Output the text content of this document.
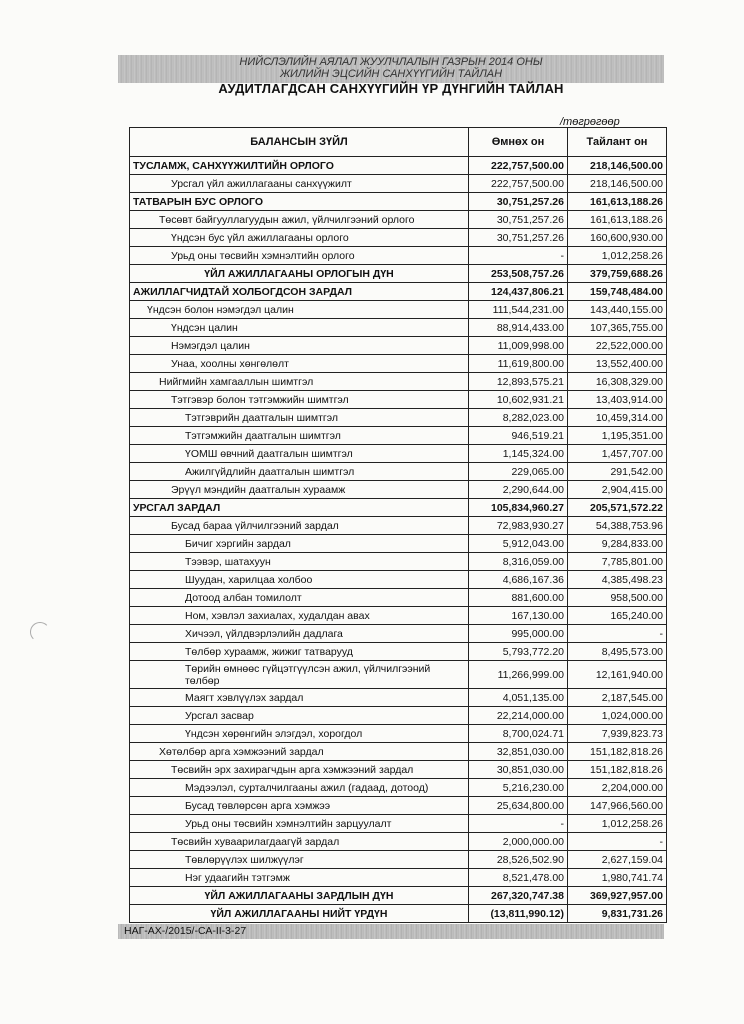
НИЙСЛЭЛИЙН АЯЛАЛ ЖУУЛЧЛАЛЫН ГАЗРЫН 2014 ОНЫ
ЖИЛИЙН ЭЦСИЙН САНХҮҮГИЙН ТАЙЛАН
АУДИТЛАГДСАН САНХҮҮГИЙН ҮР ДҮНГИЙН ТАЙЛАН
/төгрөгөөр
БАЛАНСЫН ЗҮЙЛ	Өмнөх он	Тайлант он
ТУСЛАМЖ, САНХҮҮЖИЛТИЙН ОРЛОГО	222,757,500.00	218,146,500.00
Урсгал үйл ажиллагааны санхүүжилт	222,757,500.00	218,146,500.00
ТАТВАРЫН БУС ОРЛОГО	30,751,257.26	161,613,188.26
Төсөвт байгууллагуудын ажил, үйлчилгээний орлого	30,751,257.26	161,613,188.26
Үндсэн бус үйл ажиллагааны орлого	30,751,257.26	160,600,930.00
Урьд оны төсвийн хэмнэлтийн орлого	-	1,012,258.26
ҮЙЛ АЖИЛЛАГААНЫ ОРЛОГЫН ДҮН	253,508,757.26	379,759,688.26
АЖИЛЛАГЧИДТАЙ ХОЛБОГДСОН ЗАРДАЛ	124,437,806.21	159,748,484.00
Үндсэн болон нэмэгдэл цалин	111,544,231.00	143,440,155.00
Үндсэн цалин	88,914,433.00	107,365,755.00
Нэмэгдэл цалин	11,009,998.00	22,522,000.00
Унаа, хоолны хөнгөлөлт	11,619,800.00	13,552,400.00
Нийгмийн хамгааллын шимтгэл	12,893,575.21	16,308,329.00
Тэтгэвэр болон тэтгэмжийн шимтгэл	10,602,931.21	13,403,914.00
Тэтгэврийн даатгалын шимтгэл	8,282,023.00	10,459,314.00
Тэтгэмжийн даатгалын шимтгэл	946,519.21	1,195,351.00
ҮОМШ өвчний даатгалын шимтгэл	1,145,324.00	1,457,707.00
Ажилгүйдлийн даатгалын шимтгэл	229,065.00	291,542.00
Эрүүл мэндийн даатгалын хураамж	2,290,644.00	2,904,415.00
УРСГАЛ ЗАРДАЛ	105,834,960.27	205,571,572.22
Бусад бараа үйлчилгээний зардал	72,983,930.27	54,388,753.96
Бичиг хэргийн зардал	5,912,043.00	9,284,833.00
Тээвэр, шатахуун	8,316,059.00	7,785,801.00
Шуудан, харилцаа холбоо	4,686,167.36	4,385,498.23
Дотоод албан томилолт	881,600.00	958,500.00
Ном, хэвлэл захиалах, худалдан авах	167,130.00	165,240.00
Хичээл, үйлдвэрлэлийн дадлага	995,000.00	-
Төлбөр хураамж, жижиг татварууд	5,793,772.20	8,495,573.00
Төрийн өмнөөс гүйцэтгүүлсэн ажил, үйлчилгээний төлбөр	11,266,999.00	12,161,940.00
Маягт хэвлүүлэх зардал	4,051,135.00	2,187,545.00
Урсгал засвар	22,214,000.00	1,024,000.00
Үндсэн хөрөнгийн элэгдэл, хорогдол	8,700,024.71	7,939,823.73
Хөтөлбөр арга хэмжээний зардал	32,851,030.00	151,182,818.26
Төсвийн эрх захирагчдын арга хэмжээний зардал	30,851,030.00	151,182,818.26
Мэдээлэл, сурталчилгааны ажил (гадаад, дотоод)	5,216,230.00	2,204,000.00
Бусад төвлөрсөн арга хэмжээ	25,634,800.00	147,966,560.00
Урьд оны төсвийн хэмнэлтийн зарцуулалт	-	1,012,258.26
Төсвийн хуваарилагдаагүй зардал	2,000,000.00	-
Төвлөрүүлэх шилжүүлэг	28,526,502.90	2,627,159.04
Нэг удаагийн тэтгэмж	8,521,478.00	1,980,741.74
ҮЙЛ АЖИЛЛАГААНЫ ЗАРДЛЫН ДҮН	267,320,747.38	369,927,957.00
ҮЙЛ АЖИЛЛАГААНЫ НИЙТ ҮРДҮН	(13,811,990.12)	9,831,731.26
НАГ-АХ-/2015/-СА-II-3-27
